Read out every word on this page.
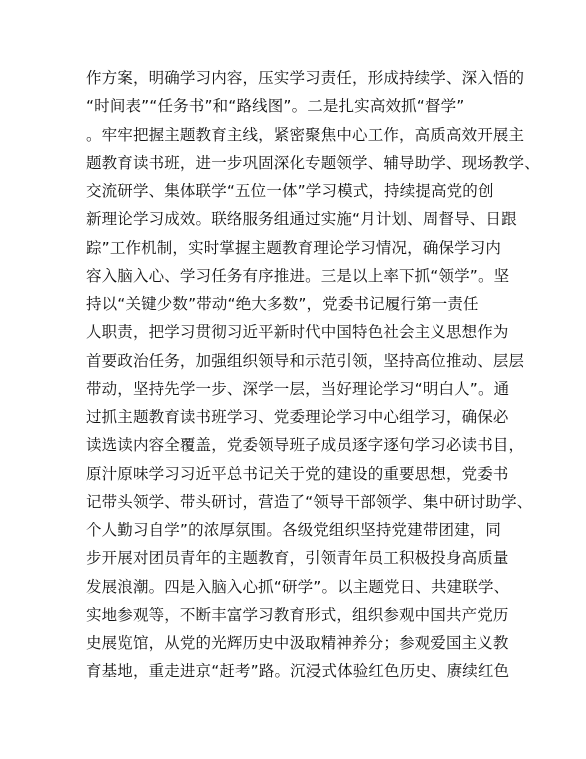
作方案，明确学习内容，压实学习责任，形成持续学、深入悟的
“时间表”“任务书”和“路线图”。二是扎实高效抓“督学”
。牢牢把握主题教育主线，紧密聚焦中心工作，高质高效开展主
题教育读书班，进一步巩固深化专题领学、辅导助学、现场教学、
交流研学、集体联学“五位一体”学习模式，持续提高党的创
新理论学习成效。联络服务组通过实施“月计划、周督导、日跟
踪”工作机制，实时掌握主题教育理论学习情况，确保学习内
容入脑入心、学习任务有序推进。三是以上率下抓“领学”。坚
持以“关键少数”带动“绝大多数”，党委书记履行第一责任
人职责，把学习贯彻习近平新时代中国特色社会主义思想作为
首要政治任务，加强组织领导和示范引领，坚持高位推动、层层
带动，坚持先学一步、深学一层，当好理论学习“明白人”。通
过抓主题教育读书班学习、党委理论学习中心组学习，确保必
读选读内容全覆盖，党委领导班子成员逐字逐句学习必读书目，
原汁原味学习习近平总书记关于党的建设的重要思想，党委书
记带头领学、带头研讨，营造了“领导干部领学、集中研讨助学、
个人勤习自学”的浓厚氛围。各级党组织坚持党建带团建，同
步开展对团员青年的主题教育，引领青年员工积极投身高质量
发展浪潮。四是入脑入心抓“研学”。以主题党日、共建联学、
实地参观等，不断丰富学习教育形式，组织参观中国共产党历
史展览馆，从党的光辉历史中汲取精神养分；参观爱国主义教
育基地，重走进京“赶考”路。沉浸式体验红色历史、赓续红色
